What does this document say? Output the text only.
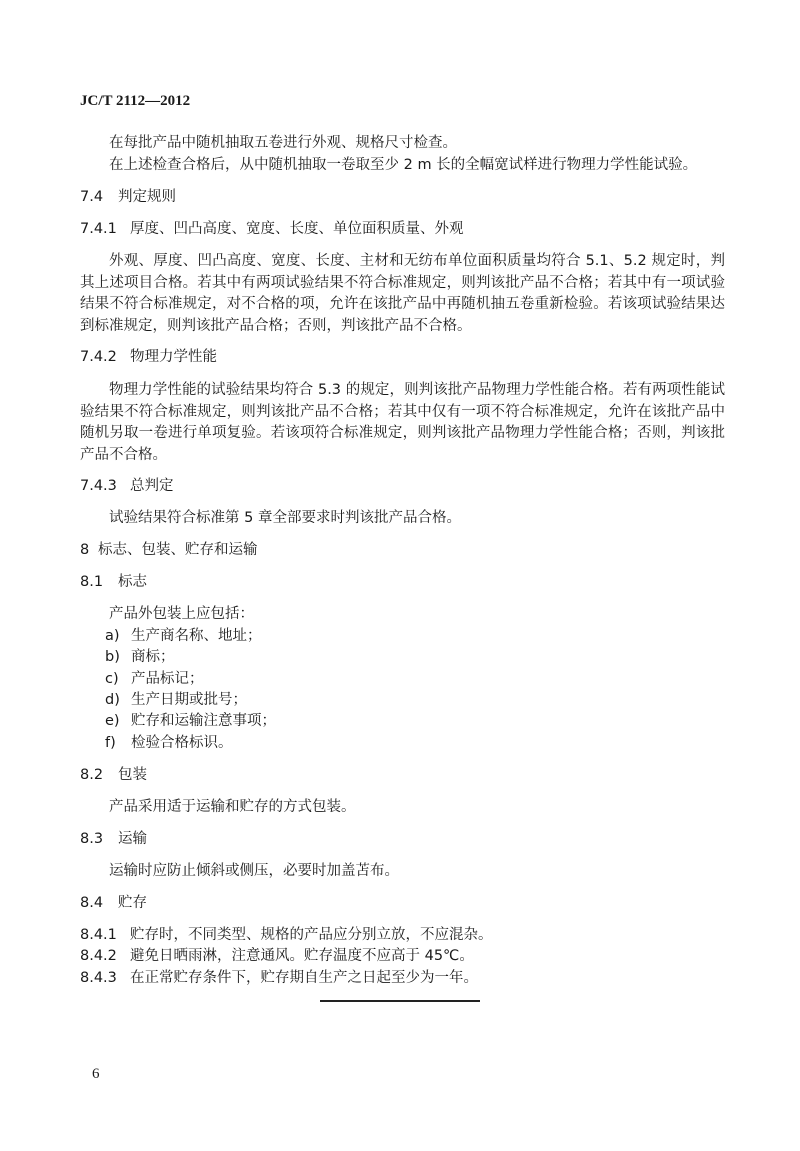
JC/T 2112—2012
在每批产品中随机抽取五卷进行外观、规格尺寸检查。
在上述检查合格后，从中随机抽取一卷取至少 2 m 长的全幅宽试样进行物理力学性能试验。
7.4 判定规则
7.4.1 厚度、凹凸高度、宽度、长度、单位面积质量、外观
外观、厚度、凹凸高度、宽度、长度、主材和无纺布单位面积质量均符合 5.1、5.2 规定时，判其上述项目合格。若其中有两项试验结果不符合标准规定，则判该批产品不合格；若其中有一项试验结果不符合标准规定，对不合格的项，允许在该批产品中再随机抽五卷重新检验。若该项试验结果达到标准规定，则判该批产品合格；否则，判该批产品不合格。
7.4.2 物理力学性能
物理力学性能的试验结果均符合 5.3 的规定，则判该批产品物理力学性能合格。若有两项性能试验结果不符合标准规定，则判该批产品不合格；若其中仅有一项不符合标准规定，允许在该批产品中随机另取一卷进行单项复验。若该项符合标准规定，则判该批产品物理力学性能合格；否则，判该批产品不合格。
7.4.3 总判定
试验结果符合标准第 5 章全部要求时判该批产品合格。
8 标志、包装、贮存和运输
8.1 标志
产品外包装上应包括：
a) 生产商名称、地址；
b) 商标；
c) 产品标记；
d) 生产日期或批号；
e) 贮存和运输注意事项；
f) 检验合格标识。
8.2 包装
产品采用适于运输和贮存的方式包装。
8.3 运输
运输时应防止倾斜或侧压，必要时加盖苫布。
8.4 贮存
8.4.1 贮存时，不同类型、规格的产品应分别立放，不应混杂。
8.4.2 避免日晒雨淋，注意通风。贮存温度不应高于 45℃。
8.4.3 在正常贮存条件下，贮存期自生产之日起至少为一年。
6
